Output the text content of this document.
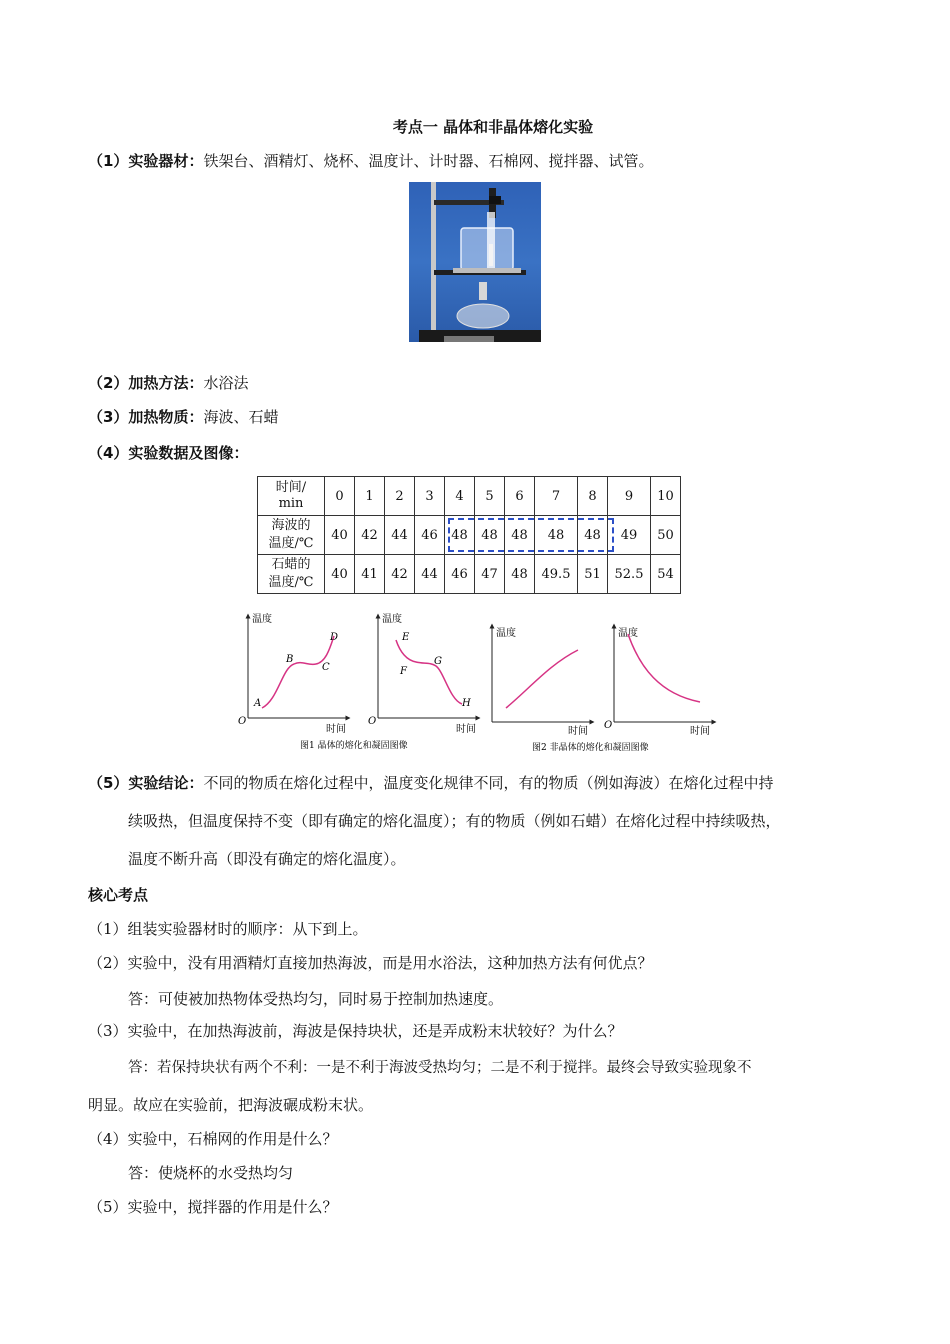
考点一 晶体和非晶体熔化实验
（1）实验器材：铁架台、酒精灯、烧杯、温度计、计时器、石棉网、搅拌器、试管。
（2）加热方法：水浴法
（3）加热物质：海波、石蜡
（4）实验数据及图像：
时间/
min	0	1	2	3	4	5	6	7	8	9	10

海波的
温度/℃	40	42	44	46	48	48	48	48	48	49	50

石蜡的
温度/℃	40	41	42	44	46	47	48	49.5	51	52.5	54
温度
时间
O
A
B
C
D
温度
时间
O
E
F
G
H
温度
时间
温度
时间
O
图1 晶体的熔化和凝固图像	图2 非晶体的熔化和凝固图像
（5）实验结论：不同的物质在熔化过程中，温度变化规律不同，有的物质（例如海波）在熔化过程中持
续吸热，但温度保持不变（即有确定的熔化温度）；有的物质（例如石蜡）在熔化过程中持续吸热，
温度不断升高（即没有确定的熔化温度）。
核心考点
（1）组装实验器材时的顺序：从下到上。
（2）实验中，没有用酒精灯直接加热海波，而是用水浴法，这种加热方法有何优点？
答：可使被加热物体受热均匀，同时易于控制加热速度。
（3）实验中，在加热海波前，海波是保持块状，还是弄成粉末状较好？为什么？
答：若保持块状有两个不利：一是不利于海波受热均匀；二是不利于搅拌。最终会导致实验现象不
明显。故应在实验前，把海波碾成粉末状。
（4）实验中，石棉网的作用是什么？
答：使烧杯的水受热均匀
（5）实验中，搅拌器的作用是什么？
